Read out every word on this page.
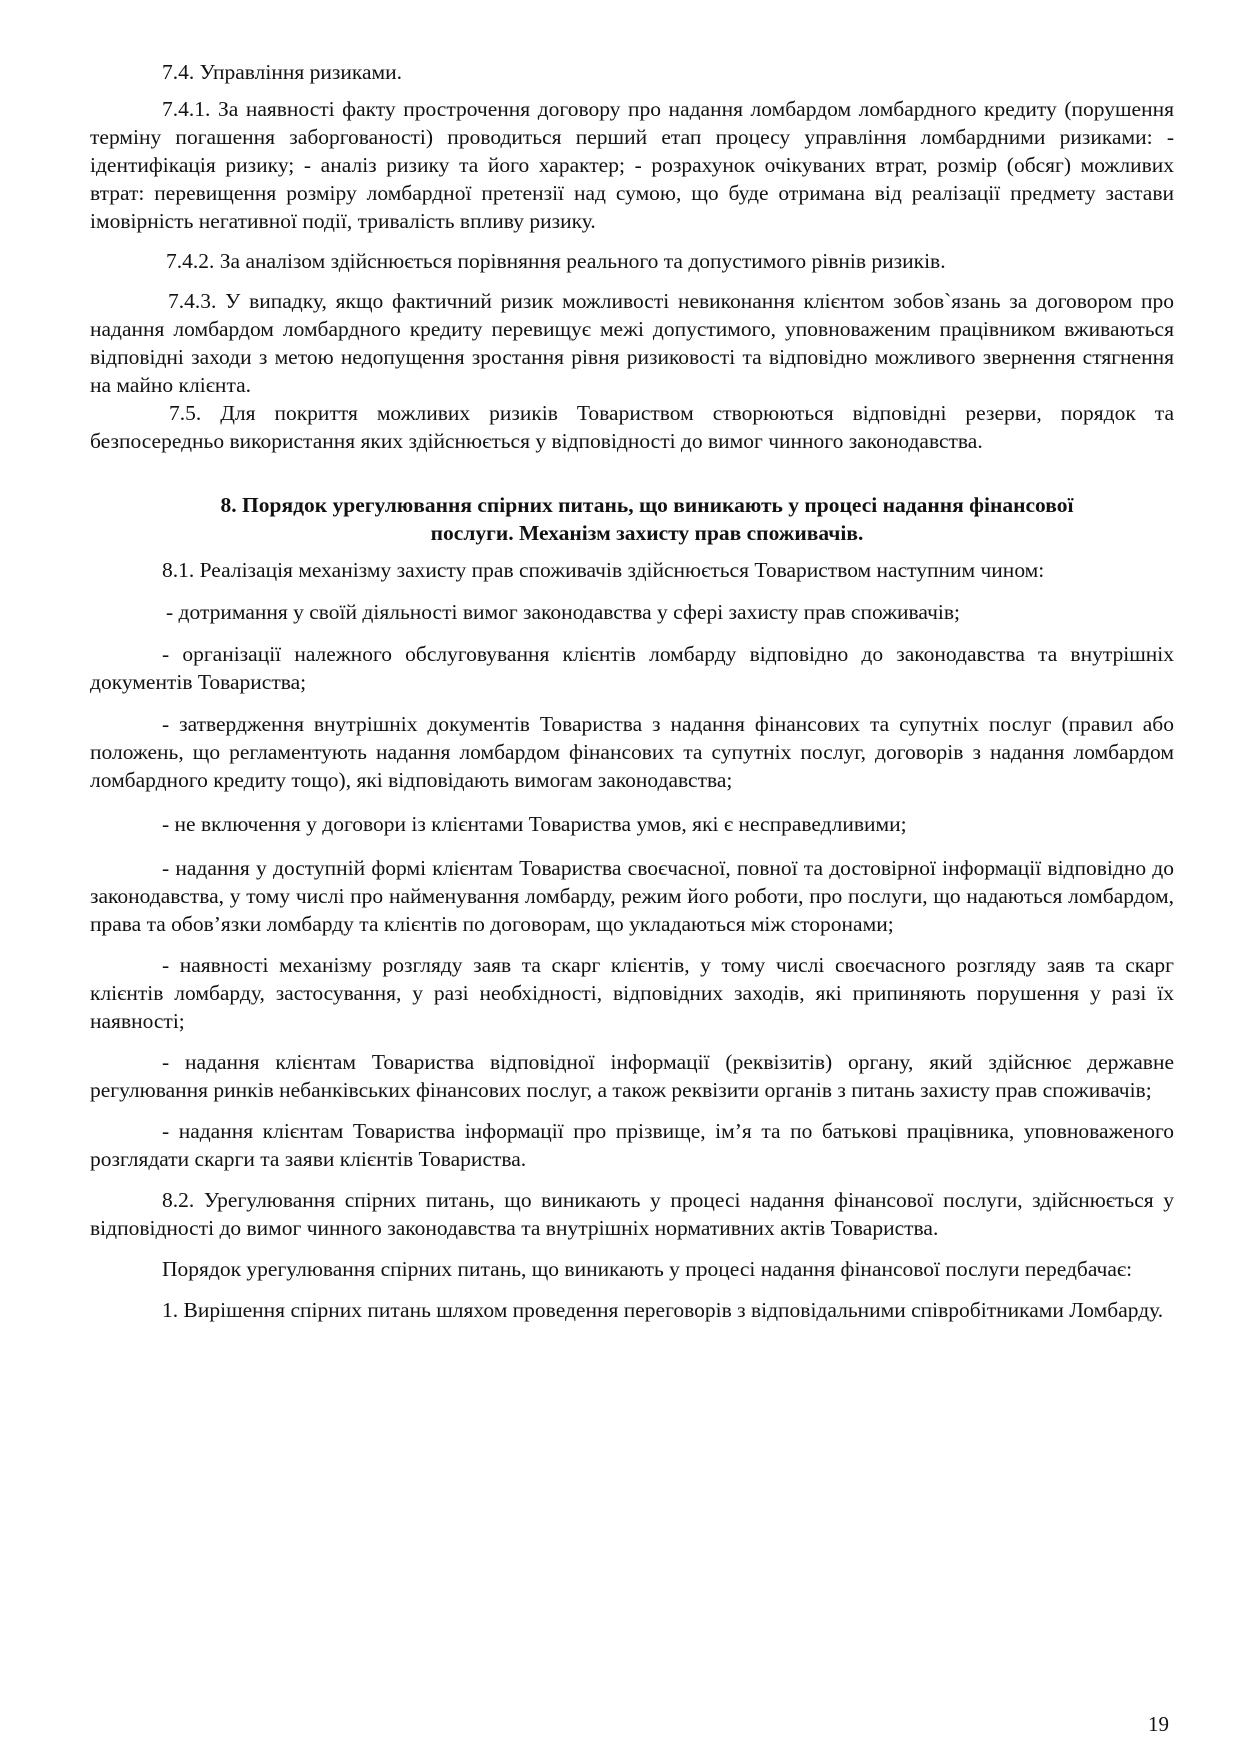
7.4. Управління ризиками.

7.4.1. За наявності факту прострочення договору про надання ломбардом ломбардного кредиту (порушення терміну погашення заборгованості) проводиться перший етап процесу управління ломбардними ризиками: - ідентифікація ризику; - аналіз ризику та його характер; - розрахунок очікуваних втрат, розмір (обсяг) можливих втрат: перевищення розміру ломбардної претензії над сумою, що буде отримана від реалізації предмету застави імовірність негативної події, тривалість впливу ризику.

7.4.2. За аналізом здійснюється порівняння реального та допустимого рівнів ризиків.

7.4.3. У випадку, якщо фактичний ризик можливості невиконання клієнтом зобов`язань за договором про надання ломбардом ломбардного кредиту перевищує межі допустимого, уповноваженим працівником вживаються відповідні заходи з метою недопущення зростання рівня ризиковості та відповідно можливого звернення стягнення на майно клієнта.

7.5. Для покриття можливих ризиків Товариством створюються відповідні резерви, порядок та безпосередньо використання яких здійснюється у відповідності до вимог чинного законодавства.

8. Порядок урегулювання спірних питань, що виникають у процесі надання фінансової
послуги. Механізм захисту прав споживачів.

8.1. Реалізація механізму захисту прав споживачів здійснюється Товариством наступним чином:

- дотримання у своїй діяльності вимог законодавства у сфері захисту прав споживачів;

- організації належного обслуговування клієнтів ломбарду відповідно до законодавства та внутрішніх документів Товариства;

- затвердження внутрішніх документів Товариства з надання фінансових та супутніх послуг (правил або положень, що регламентують надання ломбардом фінансових та супутніх послуг, договорів з надання ломбардом ломбардного кредиту тощо), які відповідають вимогам законодавства;

- не включення у договори із клієнтами Товариства умов, які є несправедливими;

- надання у доступній формі клієнтам Товариства своєчасної, повної та достовірної інформації відповідно до законодавства, у тому числі про найменування ломбарду, режим його роботи, про послуги, що надаються ломбардом, права та обов’язки ломбарду та клієнтів по договорам, що укладаються між сторонами;

- наявності механізму розгляду заяв та скарг клієнтів, у тому числі своєчасного розгляду заяв та скарг клієнтів ломбарду, застосування, у разі необхідності, відповідних заходів, які припиняють порушення у разі їх наявності;

- надання клієнтам Товариства відповідної інформації (реквізитів) органу, який здійснює державне регулювання ринків небанківських фінансових послуг, а також реквізити органів з питань захисту прав споживачів;

- надання клієнтам Товариства інформації про прізвище, ім’я та по батькові працівника, уповноваженого розглядати скарги та заяви клієнтів Товариства.

8.2. Урегулювання спірних питань, що виникають у процесі надання фінансової послуги, здійснюється у відповідності до вимог чинного законодавства та внутрішніх нормативних актів Товариства.

Порядок урегулювання спірних питань, що виникають у процесі надання фінансової послуги передбачає:

1. Вирішення спірних питань шляхом проведення переговорів з відповідальними співробітниками Ломбарду.

19
